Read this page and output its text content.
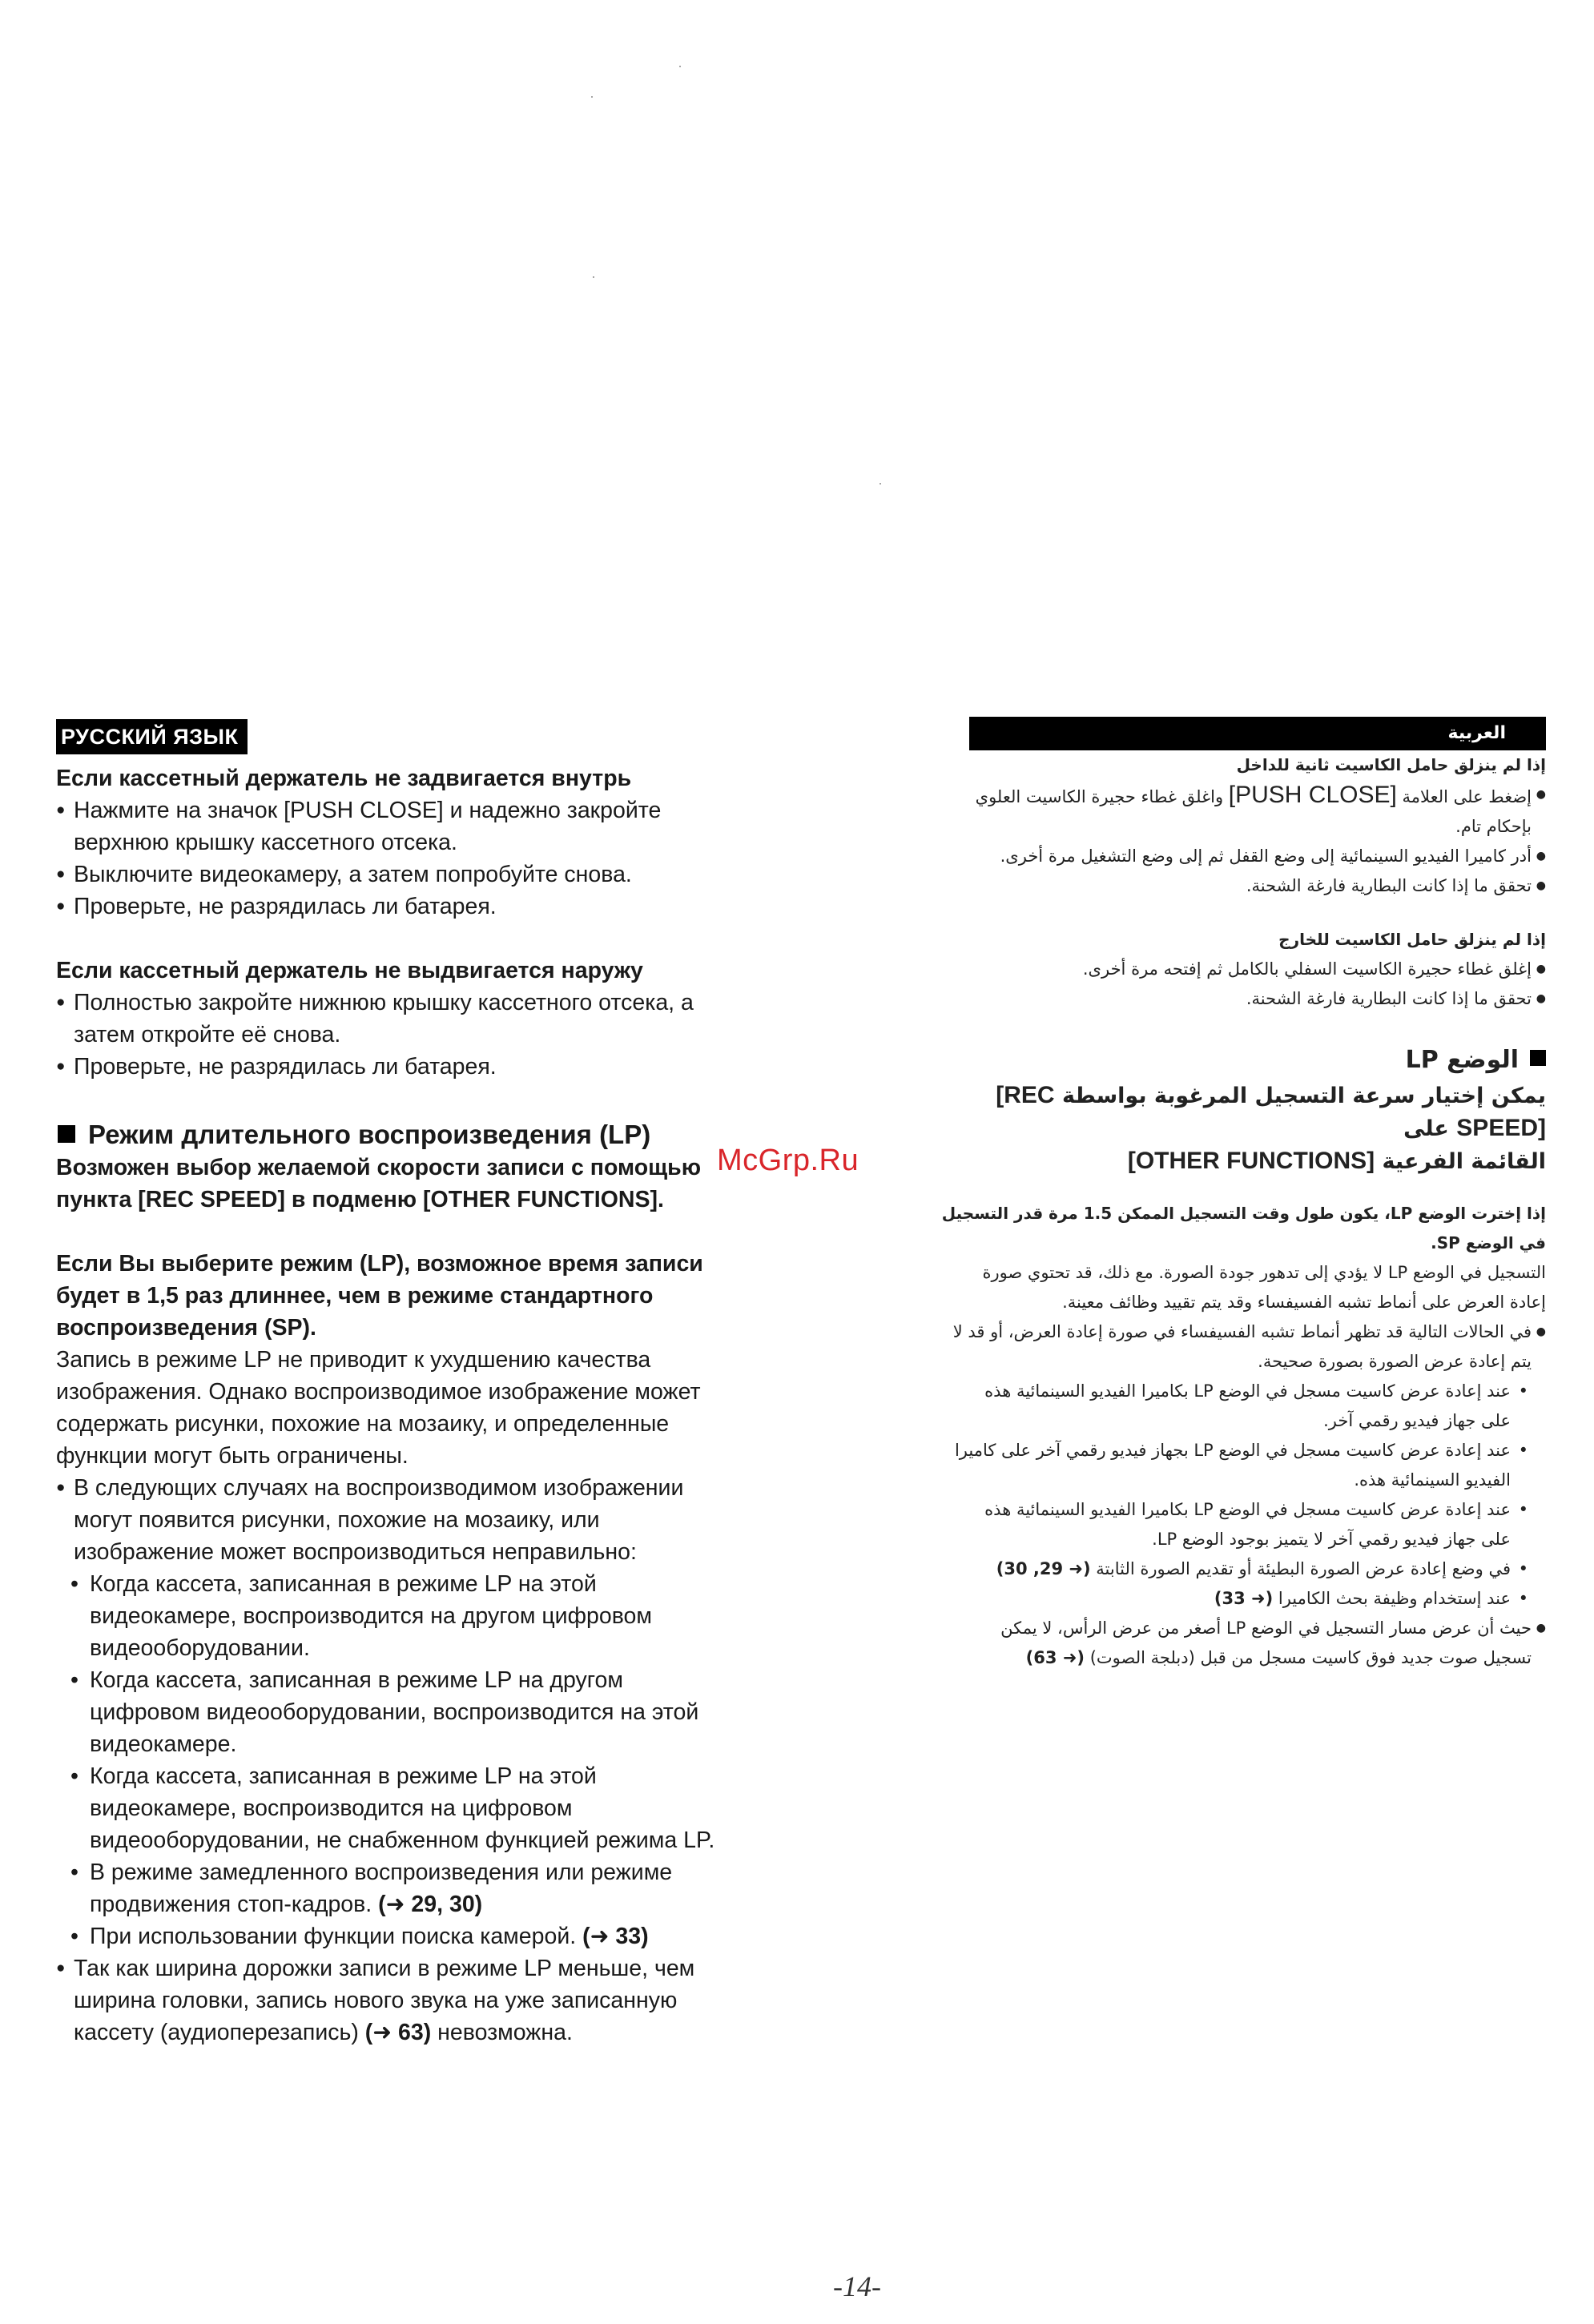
РУССКИЙ ЯЗЫК
Если кассетный держатель не задвигается внутрь

● Нажмите на значок [PUSH CLOSE] и надежно закройте
верхнюю крышку кассетного отсека.

● Выключите видеокамеру, а затем попробуйте снова.

● Проверьте, не разрядилась ли батарея.

Если кассетный держатель не выдвигается наружу

● Полностью закройте нижнюю крышку кассетного отсека, а
затем откройте её снова.

● Проверьте, не разрядилась ли батарея.

Режим длительного воспроизведения (LP)

Возможен выбор желаемой скорости записи с помощью
пункта [REC SPEED] в подменю [OTHER FUNCTIONS].

Если Вы выберите режим (LP), возможное время записи
будет в 1,5 раз длиннее, чем в режиме стандартного
воспроизведения (SP).

Запись в режиме LP не приводит к ухудшению качества
изображения. Однако воспроизводимое изображение может
содержать рисунки, похожие на мозаику, и определенные
функции могут быть ограничены.

● В следующих случаях на воспроизводимом изображении
могут появится рисунки, похожие на мозаику, или
изображение может воспроизводиться неправильно:

• Когда кассета, записанная в режиме LP на этой
видеокамере, воспроизводится на другом цифровом
видеооборудовании.

• Когда кассета, записанная в режиме LP на другом
цифровом видеооборудовании, воспроизводится на этой
видеокамере.

• Когда кассета, записанная в режиме LP на этой
видеокамере, воспроизводится на цифровом
видеооборудовании, не снабженном функцией режима LP.

• В режиме замедленного воспроизведения или режиме
продвижения стоп-кадров. (➜ 29, 30)

• При использовании функции поиска камерой. (➜ 33)

● Так как ширина дорожки записи в режиме LP меньше, чем
ширина головки, запись нового звука на уже записанную
кассету (аудиоперезапись) (➜ 63) невозможна.

McGrp.Ru
العربية
إذا لم ينزلق حامل الكاسيت ثانية للداخل
● إضغط على العلامة [PUSH CLOSE] واغلق غطاء حجيرة الكاسيت العلوي
بإحكام تام.
● أدر كاميرا الفيديو السينمائية إلى وضع القفل ثم إلى وضع التشغيل مرة أخرى.
● تحقق ما إذا كانت البطارية فارغة الشحنة.
إذا لم ينزلق حامل الكاسيت للخارج
● إغلق غطاء حجيرة الكاسيت السفلي بالكامل ثم إفتحه مرة أخرى.
● تحقق ما إذا كانت البطارية فارغة الشحنة.
الوضع LP
يمكن إختيار سرعة التسجيل المرغوبة بواسطة [REC SPEED] على
القائمة الفرعية [OTHER FUNCTIONS]
إذا إخترت الوضع LP، يكون طول وقت التسجيل الممكن 1.5 مرة قدر التسجيل
في الوضع SP.
التسجيل في الوضع LP لا يؤدي إلى تدهور جودة الصورة. مع ذلك، قد تحتوي صورة
إعادة العرض على أنماط تشبه الفسيفساء وقد يتم تقييد وظائف معينة.
● في الحالات التالية قد تظهر أنماط تشبه الفسيفساء في صورة إعادة العرض، أو قد لا
يتم إعادة عرض الصورة بصورة صحيحة.
• عند إعادة عرض كاسيت مسجل في الوضع LP بكاميرا الفيديو السينمائية هذه
على جهاز فيديو رقمي آخر.
• عند إعادة عرض كاسيت مسجل في الوضع LP بجهاز فيديو رقمي آخر على كاميرا
الفيديو السينمائية هذه.
• عند إعادة عرض كاسيت مسجل في الوضع LP بكاميرا الفيديو السينمائية هذه
على جهاز فيديو رقمي آخر لا يتميز بوجود الوضع LP.
• في وضع إعادة عرض الصورة البطيئة أو تقديم الصورة الثابتة (➜ 29, 30)
• عند إستخدام وظيفة بحث الكاميرا (➜ 33)
● حيث أن عرض مسار التسجيل في الوضع LP أصغر من عرض الرأس، لا يمكن
تسجيل صوت جديد فوق كاسيت مسجل من قبل (دبلجة الصوت) (➜ 63)
-14-
